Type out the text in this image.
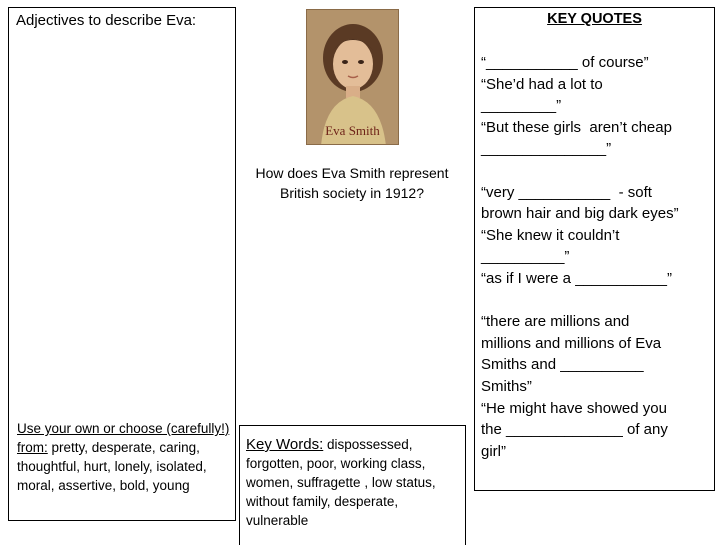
Adjectives to describe Eva:
Use your own or choose (carefully!) from: pretty, desperate, caring, thoughtful, hurt, lonely, isolated, moral, assertive, bold, young
Eva Smith
How does Eva Smith represent British society in 1912?
Key Words: dispossessed, forgotten, poor, working class, women, suffragette , low status, without family, desperate, vulnerable
KEY QUOTES
“___________ of course”
“She’d had a lot to
_________”
“But these girls  aren’t cheap
_______________”
“very ___________  - soft
brown hair and big dark eyes”
“She knew it couldn’t
__________”
“as if I were a ___________”
“there are millions and
millions and millions of Eva
Smiths and __________
Smiths”
“He might have showed you
the ______________ of any
girl”
